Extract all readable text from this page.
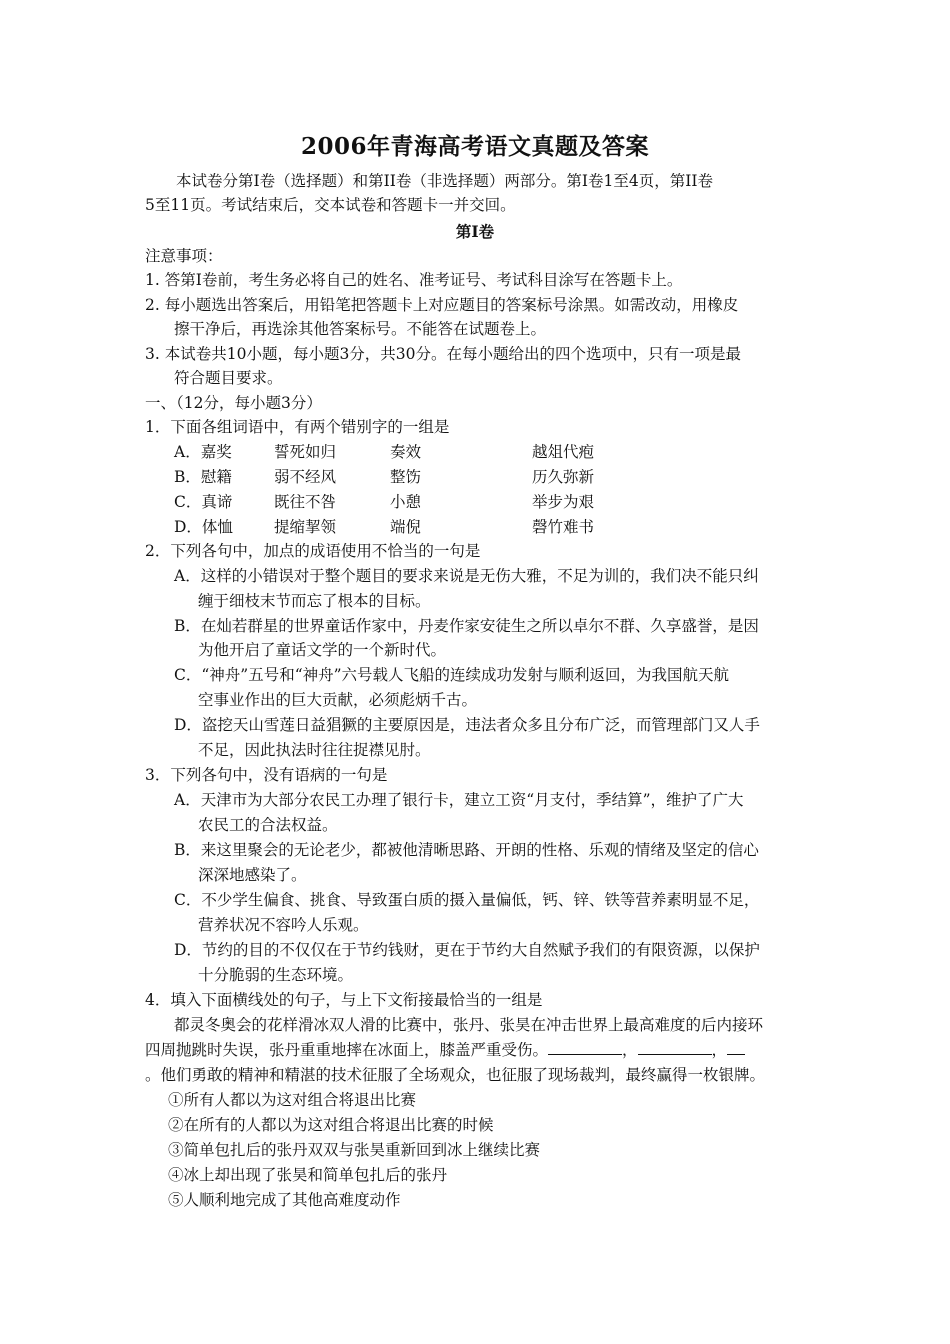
2006年青海高考语文真题及答案
本试卷分第Ⅰ卷（选择题）和第II卷（非选择题）两部分。第Ⅰ卷1至4页，第II卷
5至11页。考试结束后，交本试卷和答题卡一并交回。
第Ⅰ卷
注意事项：
1. 答第Ⅰ卷前，考生务必将自己的姓名、准考证号、考试科目涂写在答题卡上。
2. 每小题选出答案后，用铅笔把答题卡上对应题目的答案标号涂黑。如需改动，用橡皮
擦干净后，再选涂其他答案标号。不能答在试题卷上。
3. 本试卷共10小题，每小题3分，共30分。在每小题给出的四个选项中，只有一项是最
符合题目要求。
一、（12分，每小题3分）
1．下面各组词语中，有两个错别字的一组是
A．嘉奖	誓死如归	奏效	越俎代疱
B．慰籍	弱不经风	整饬	历久弥新
C．真谛	既往不咎	小憩	举步为艰
D．体恤	提缩挈领	端倪	磬竹难书
2．下列各句中，加点的成语使用不恰当的一句是
A．这样的小错误对于整个题目的要求来说是无伤大雅，不足为训的，我们决不能只纠
缠于细枝末节而忘了根本的目标。
B．在灿若群星的世界童话作家中，丹麦作家安徒生之所以卓尔不群、久享盛誉，是因
为他开启了童话文学的一个新时代。
C．“神舟”五号和“神舟”六号载人飞船的连续成功发射与顺利返回，为我国航天航
空事业作出的巨大贡献，必须彪炳千古。
D．盗挖天山雪莲日益猖獗的主要原因是，违法者众多且分布广泛，而管理部门又人手
不足，因此执法时往往捉襟见肘。
3．下列各句中，没有语病的一句是
A．天津市为大部分农民工办理了银行卡，建立工资“月支付，季结算”，维护了广大
农民工的合法权益。
B．来这里聚会的无论老少，都被他清晰思路、开朗的性格、乐观的情绪及坚定的信心
深深地感染了。
C．不少学生偏食、挑食、导致蛋白质的摄入量偏低，钙、锌、铁等营养素明显不足，
营养状况不容吟人乐观。
D．节约的目的不仅仅在于节约钱财，更在于节约大自然赋予我们的有限资源，以保护
十分脆弱的生态环境。
4．填入下面横线处的句子，与上下文衔接最恰当的一组是
都灵冬奥会的花样滑冰双人滑的比赛中，张丹、张昊在冲击世界上最高难度的后内接环
四周抛跳时失误，张丹重重地摔在冰面上，膝盖严重受伤。	，	，
。他们勇敢的精神和精湛的技术征服了全场观众，也征服了现场裁判，最终赢得一枚银牌。
①所有人都以为这对组合将退出比赛
②在所有的人都以为这对组合将退出比赛的时候
③简单包扎后的张丹双双与张昊重新回到冰上继续比赛
④冰上却出现了张昊和简单包扎后的张丹
⑤人顺利地完成了其他高难度动作
